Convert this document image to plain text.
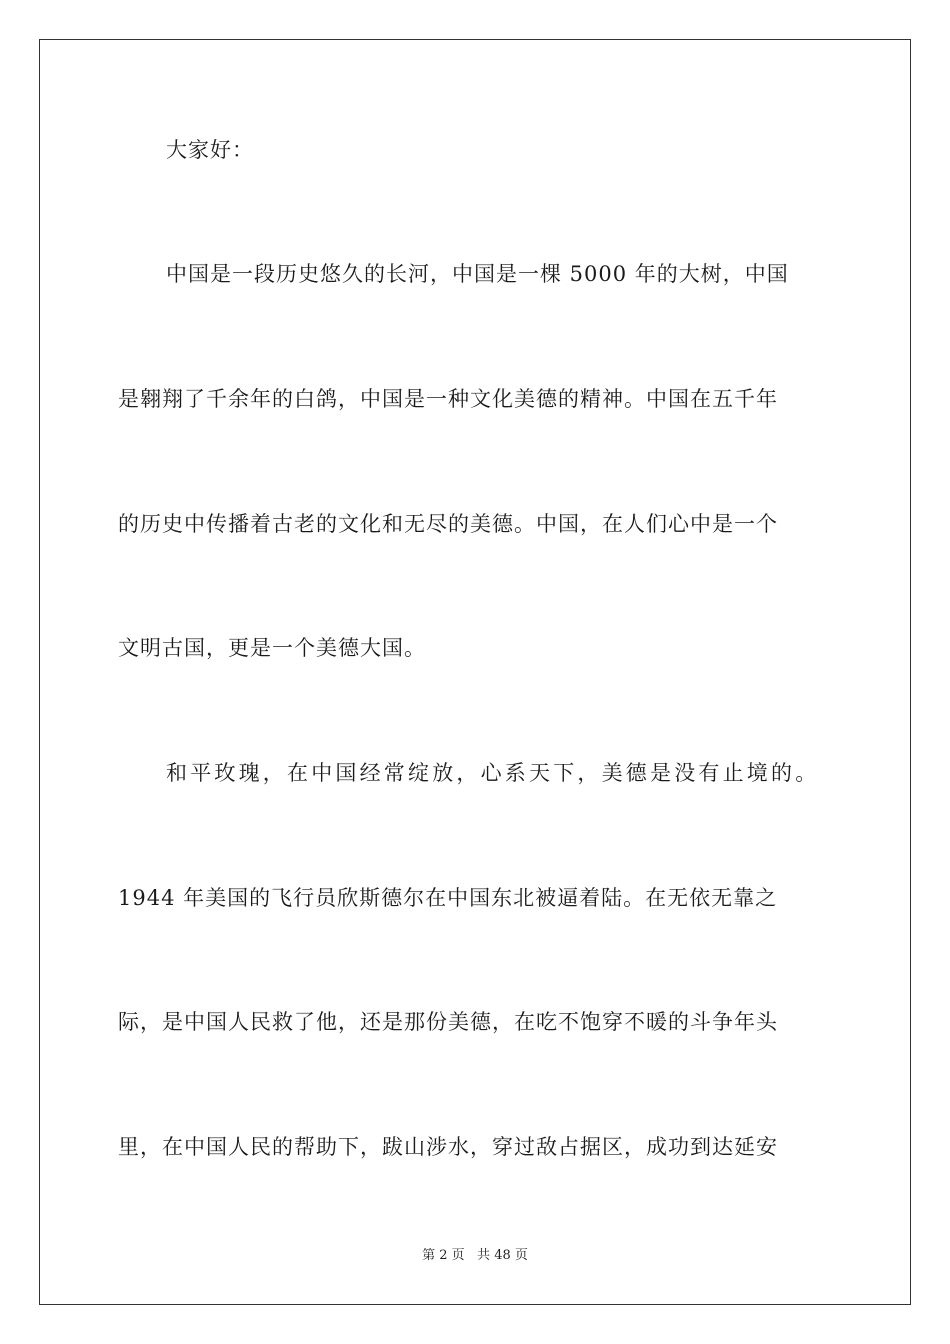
大家好：
中国是一段历史悠久的长河，中国是一棵 5000 年的大树，中国
是翱翔了千余年的白鸽，中国是一种文化美德的精神。中国在五千年
的历史中传播着古老的文化和无尽的美德。中国，在人们心中是一个
文明古国，更是一个美德大国。
和平玫瑰，在中国经常绽放，心系天下，美德是没有止境的。
1944 年美国的飞行员欣斯德尔在中国东北被逼着陆。在无依无靠之
际，是中国人民救了他，还是那份美德，在吃不饱穿不暖的斗争年头
里，在中国人民的帮助下，跋山涉水，穿过敌占据区，成功到达延安
第 2 页   共 48 页
